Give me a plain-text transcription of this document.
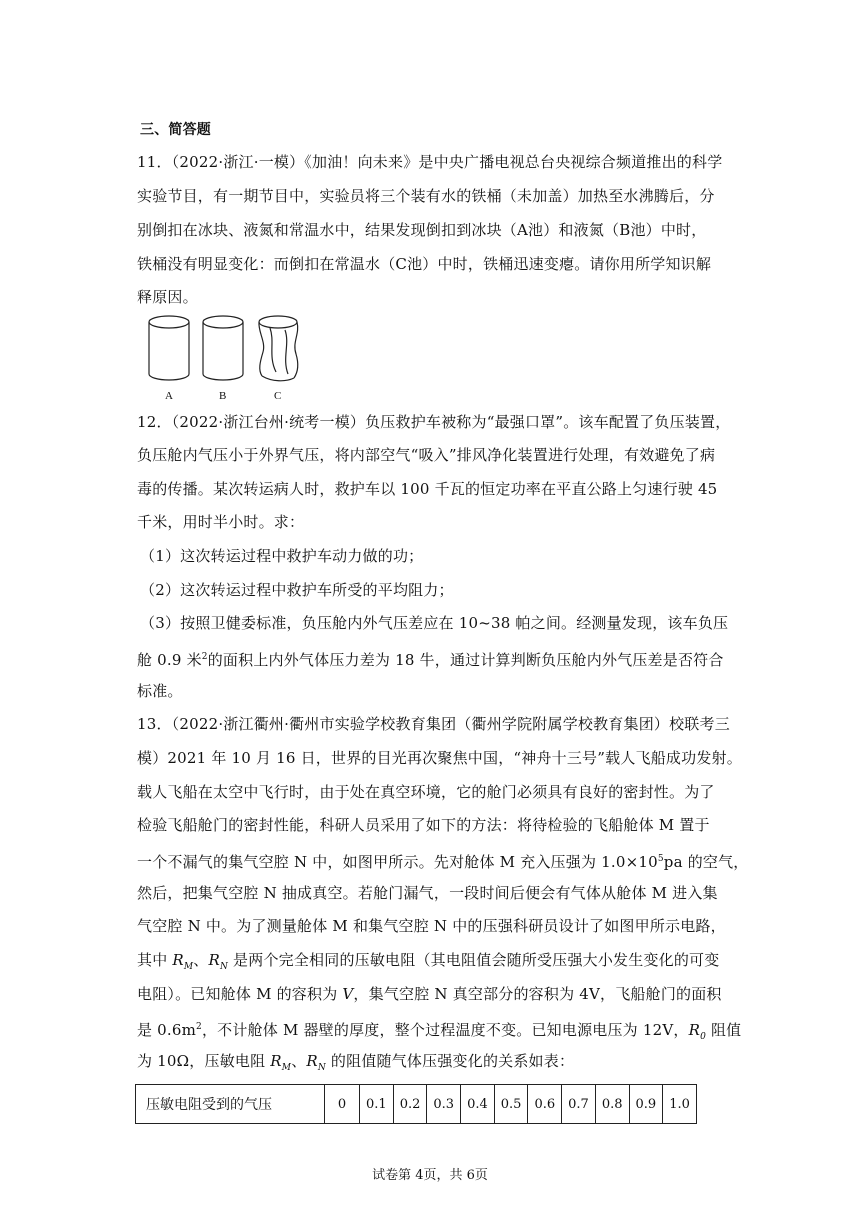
三、简答题
11．（2022·浙江·一模）《加油！向未来》是中央广播电视总台央视综合频道推出的科学
实验节目，有一期节目中，实验员将三个装有水的铁桶（未加盖）加热至水沸腾后，分
别倒扣在冰块、液氮和常温水中，结果发现倒扣到冰块（A池）和液氮（B池）中时，
铁桶没有明显变化：而倒扣在常温水（C池）中时，铁桶迅速变瘪。请你用所学知识解
释原因。
A	B	C
12．（2022·浙江台州·统考一模）负压救护车被称为“最强口罩”。该车配置了负压装置，
负压舱内气压小于外界气压，将内部空气“吸入”排风净化装置进行处理，有效避免了病
毒的传播。某次转运病人时，救护车以 100 千瓦的恒定功率在平直公路上匀速行驶 45
千米，用时半小时。求：
（1）这次转运过程中救护车动力做的功；
（2）这次转运过程中救护车所受的平均阻力；
（3）按照卫健委标准，负压舱内外气压差应在 10~38 帕之间。经测量发现，该车负压
舱 0.9 米$^2$的面积上内外气体压力差为 18 牛，通过计算判断负压舱内外气压差是否符合
标准。
13．（2022·浙江衢州·衢州市实验学校教育集团（衢州学院附属学校教育集团）校联考三
模）2021 年 10 月 16 日，世界的目光再次聚焦中国，“神舟十三号”载人飞船成功发射。
载人飞船在太空中飞行时，由于处在真空环境，它的舱门必须具有良好的密封性。为了
检验飞船舱门的密封性能，科研人员采用了如下的方法：将待检验的飞船舱体 M 置于
一个不漏气的集气空腔 N 中，如图甲所示。先对舱体 M 充入压强为 $1.0\times 10^5pa$ 的空气，
然后，把集气空腔 N 抽成真空。若舱门漏气，一段时间后便会有气体从舱体 M 进入集
气空腔 N 中。为了测量舱体 M 和集气空腔 N 中的压强科研员设计了如图甲所示电路，
其中 $R_M$、$R_N$ 是两个完全相同的压敏电阻（其电阻值会随所受压强大小发生变化的可变
电阻）。已知舱体 M 的容积为 V，集气空腔 N 真空部分的容积为 4V，飞船舱门的面积
是 $0.6m^2$，不计舱体 M 器壁的厚度，整个过程温度不变。已知电源电压为 12V，$R_0$ 阻值
为 10Ω，压敏电阻 $R_M$、$R_N$ 的阻值随气体压强变化的关系如表：
压敏电阻受到的气压	0	0.1	0.2	0.3	0.4	0.5	0.6	0.7	0.8	0.9	1.0
试卷第 4页，共 6页
